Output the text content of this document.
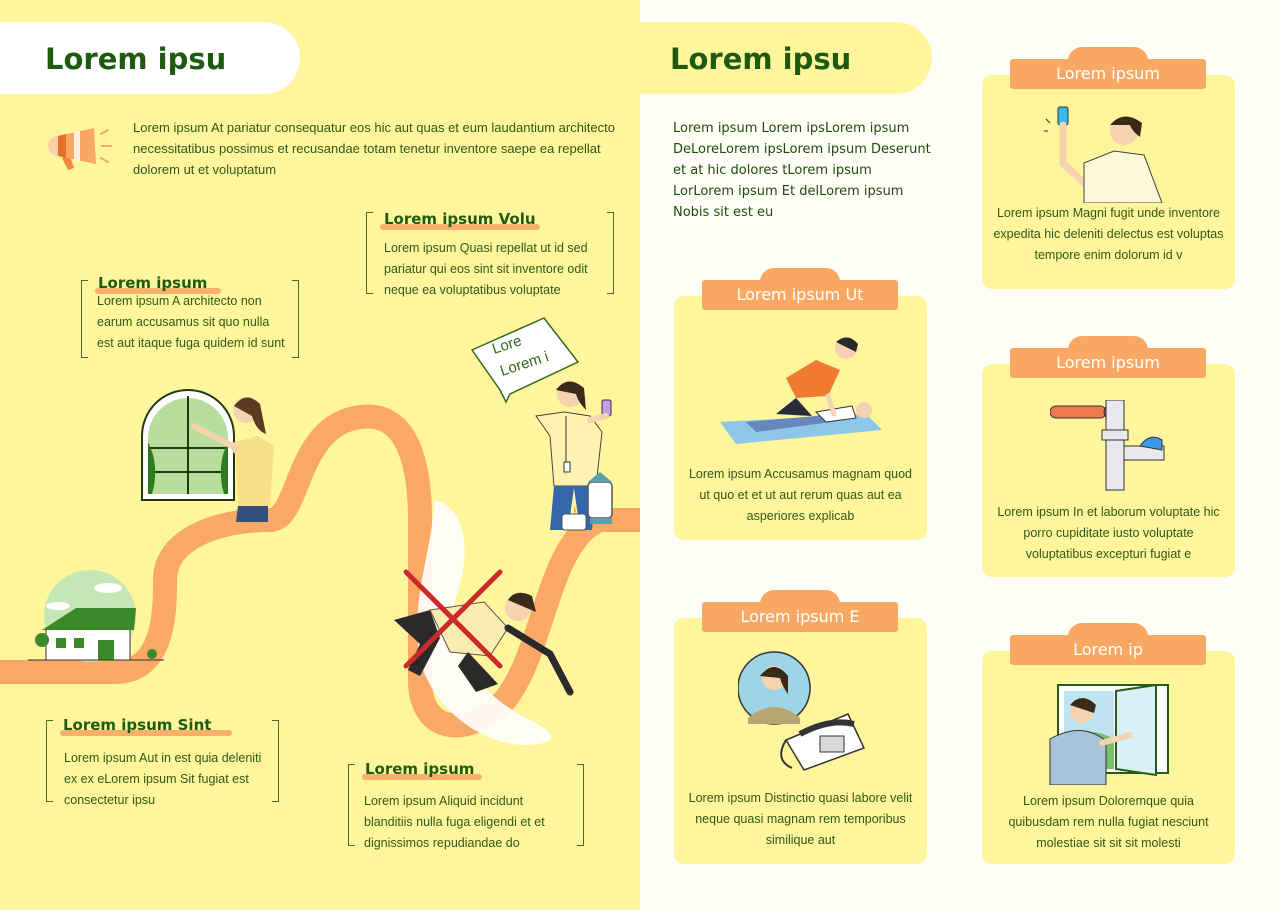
Lorem ipsu

Lorem ipsum At pariatur consequatur eos hic aut quas et eum laudantium architecto necessitatibus possimus et recusandae totam tenetur inventore saepe ea repellat dolorem ut et voluptatum

Lore
Lorem i
Lorem ipsum Volu

Lorem ipsum Quasi repellat ut id sed pariatur qui eos sint sit inventore odit neque ea voluptatibus voluptate

Lorem ipsum

Lorem ipsum A architecto non earum accusamus sit quo nulla est aut itaque fuga quidem id sunt

Lorem ipsum Sint

Lorem ipsum Aut in est quia deleniti ex ex eLorem ipsum Sit fugiat est consectetur ipsu

Lorem ipsum

Lorem ipsum Aliquid incidunt blanditiis nulla fuga eligendi et et dignissimos repudiandae do

Lorem ipsu

Lorem ipsum Lorem ipsLorem ipsum DeLoreLorem ipsLorem ipsum Deserunt et at hic dolores tLorem ipsum LorLorem ipsum Et delLorem ipsum Nobis sit est eu

Lorem ipsum Ut

Lorem ipsum Accusamus magnam quod ut quo et et ut aut rerum quas aut ea asperiores explicab

Lorem ipsum E

Lorem ipsum Distinctio quasi labore velit neque quasi magnam rem temporibus similique aut

Lorem ipsum

Lorem ipsum Magni fugit unde inventore expedita hic deleniti delectus est voluptas tempore enim dolorum id v

Lorem ipsum

Lorem ipsum In et laborum voluptate hic porro cupiditate iusto voluptate voluptatibus excepturi fugiat e

Lorem ip

Lorem ipsum Doloremque quia quibusdam rem nulla fugiat nesciunt molestiae sit sit sit molesti
